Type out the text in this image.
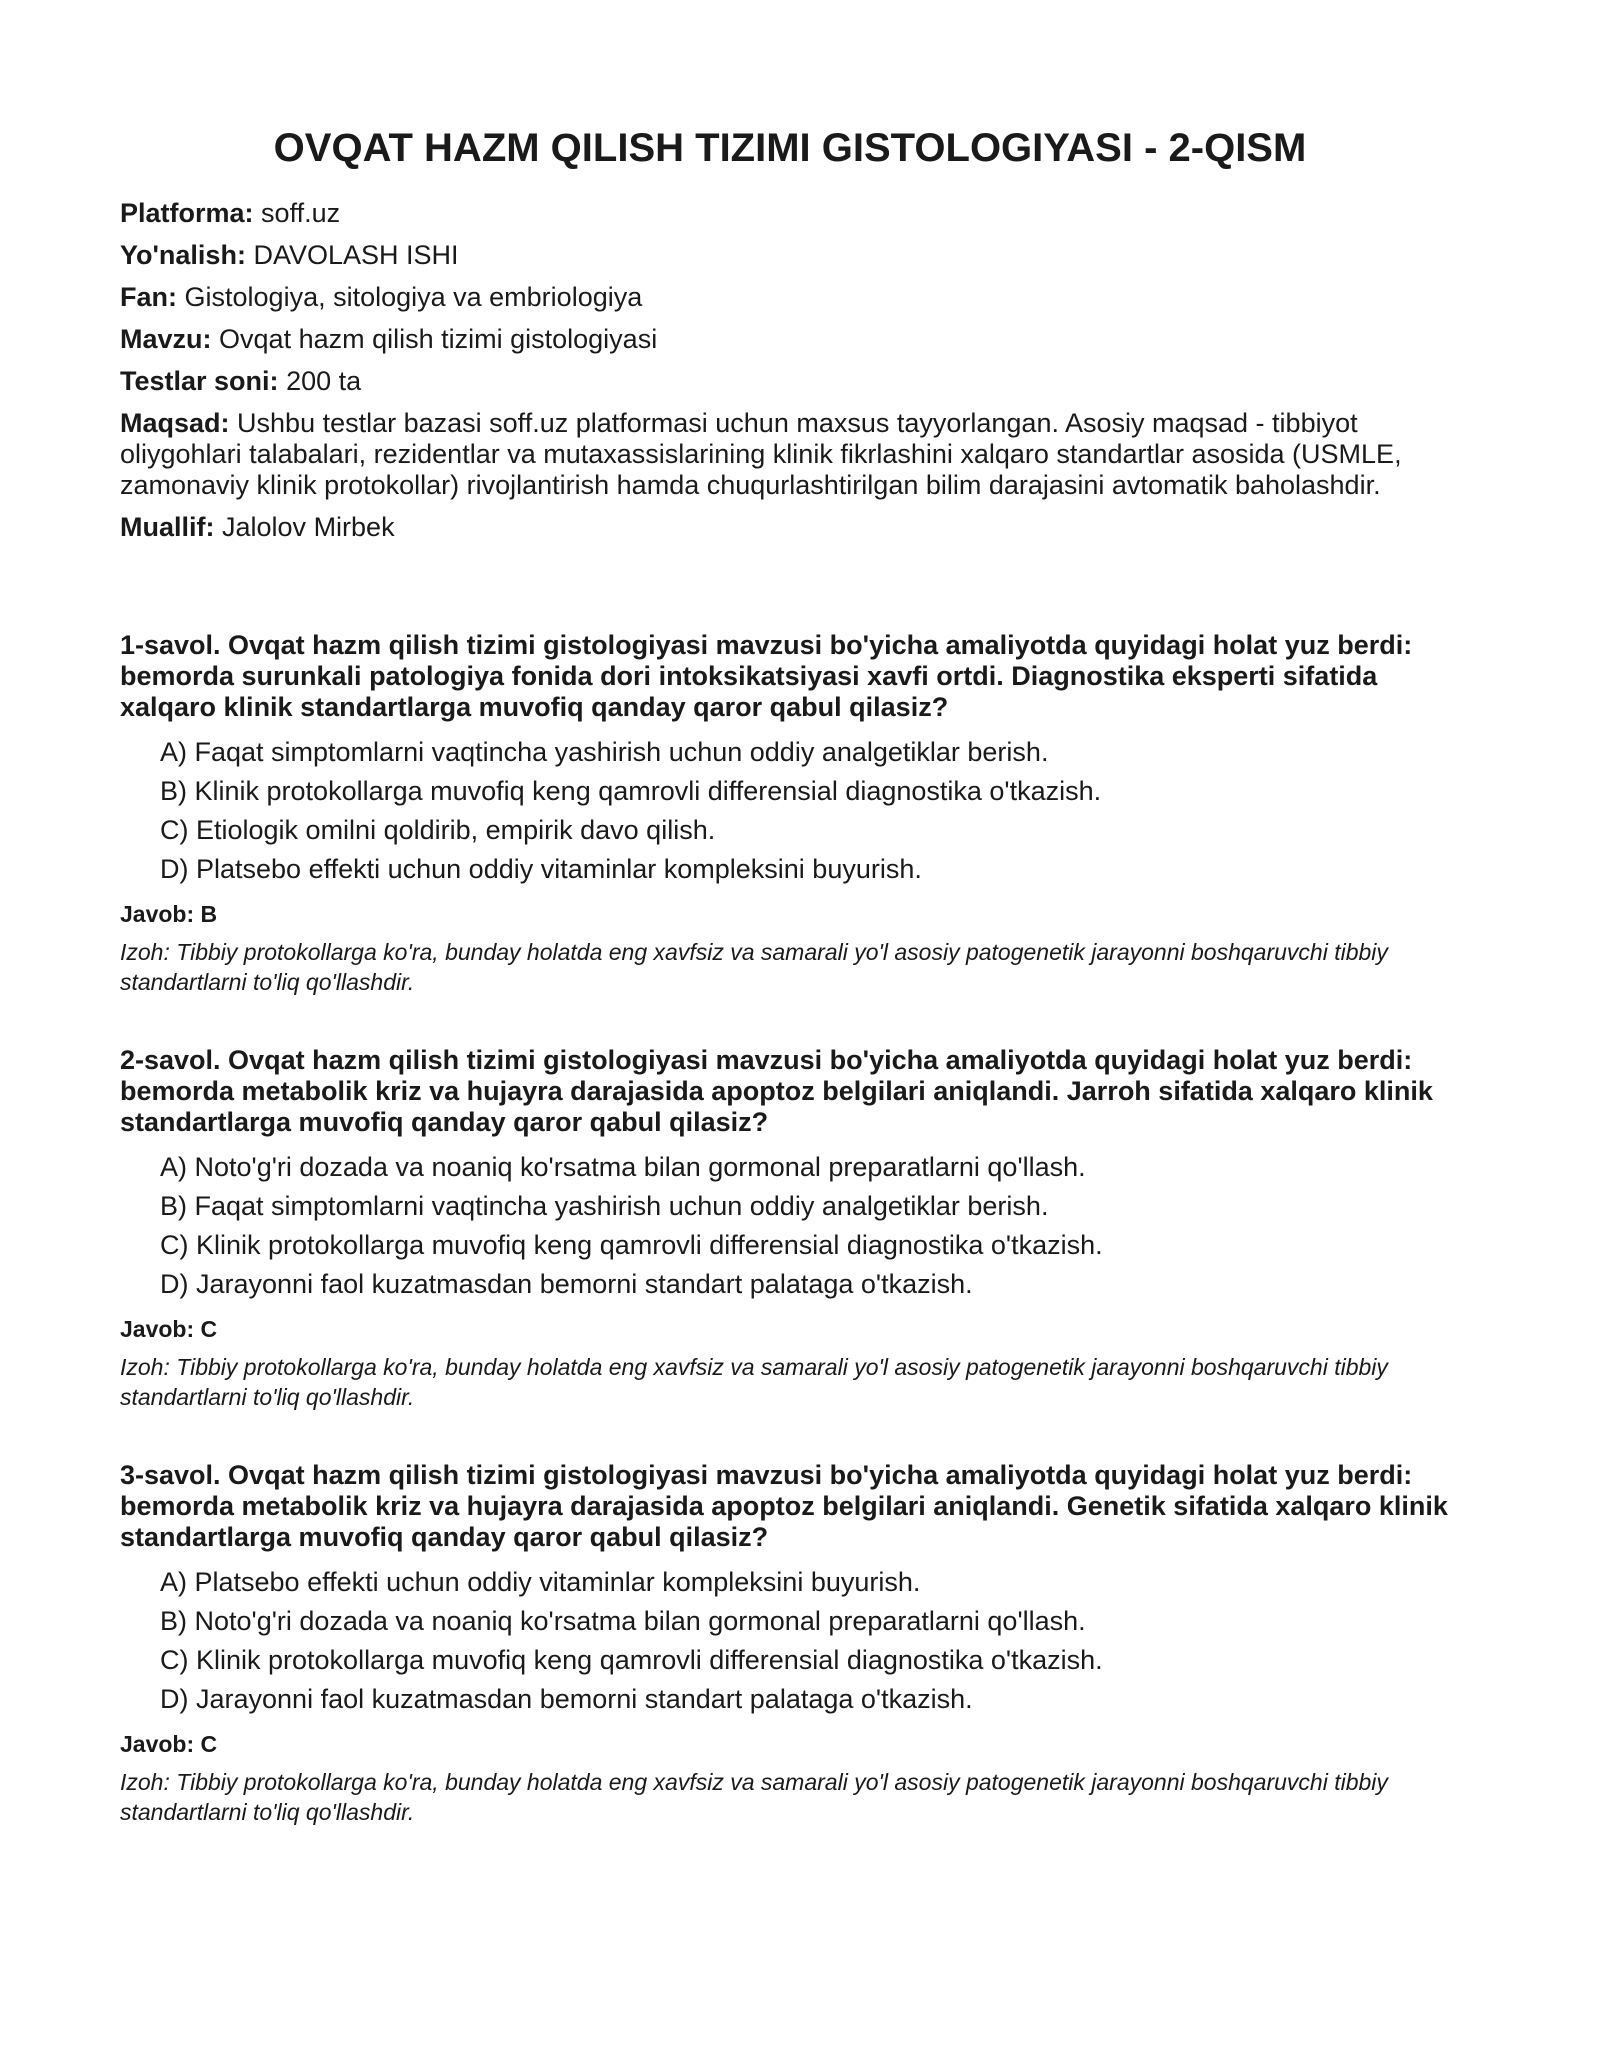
OVQAT HAZM QILISH TIZIMI GISTOLOGIYASI - 2-QISM
Platforma: soff.uz
Yo'nalish: DAVOLASH ISHI
Fan: Gistologiya, sitologiya va embriologiya
Mavzu: Ovqat hazm qilish tizimi gistologiyasi
Testlar soni: 200 ta
Maqsad: Ushbu testlar bazasi soff.uz platformasi uchun maxsus tayyorlangan. Asosiy maqsad - tibbiyot oliygohlari talabalari, rezidentlar va mutaxassislarining klinik fikrlashini xalqaro standartlar asosida (USMLE, zamonaviy klinik protokollar) rivojlantirish hamda chuqurlashtirilgan bilim darajasini avtomatik baholashdir.
Muallif: Jalolov Mirbek
1-savol. Ovqat hazm qilish tizimi gistologiyasi mavzusi bo'yicha amaliyotda quyidagi holat yuz berdi: bemorda surunkali patologiya fonida dori intoksikatsiyasi xavfi ortdi. Diagnostika eksperti sifatida xalqaro klinik standartlarga muvofiq qanday qaror qabul qilasiz?
A) Faqat simptomlarni vaqtincha yashirish uchun oddiy analgetiklar berish.
B) Klinik protokollarga muvofiq keng qamrovli differensial diagnostika o'tkazish.
C) Etiologik omilni qoldirib, empirik davo qilish.
D) Platsebo effekti uchun oddiy vitaminlar kompleksini buyurish.
Javob: B
Izoh: Tibbiy protokollarga ko'ra, bunday holatda eng xavfsiz va samarali yo'l asosiy patogenetik jarayonni boshqaruvchi tibbiy standartlarni to'liq qo'llashdir.
2-savol. Ovqat hazm qilish tizimi gistologiyasi mavzusi bo'yicha amaliyotda quyidagi holat yuz berdi: bemorda metabolik kriz va hujayra darajasida apoptoz belgilari aniqlandi. Jarroh sifatida xalqaro klinik standartlarga muvofiq qanday qaror qabul qilasiz?
A) Noto'g'ri dozada va noaniq ko'rsatma bilan gormonal preparatlarni qo'llash.
B) Faqat simptomlarni vaqtincha yashirish uchun oddiy analgetiklar berish.
C) Klinik protokollarga muvofiq keng qamrovli differensial diagnostika o'tkazish.
D) Jarayonni faol kuzatmasdan bemorni standart palataga o'tkazish.
Javob: C
Izoh: Tibbiy protokollarga ko'ra, bunday holatda eng xavfsiz va samarali yo'l asosiy patogenetik jarayonni boshqaruvchi tibbiy standartlarni to'liq qo'llashdir.
3-savol. Ovqat hazm qilish tizimi gistologiyasi mavzusi bo'yicha amaliyotda quyidagi holat yuz berdi: bemorda metabolik kriz va hujayra darajasida apoptoz belgilari aniqlandi. Genetik sifatida xalqaro klinik standartlarga muvofiq qanday qaror qabul qilasiz?
A) Platsebo effekti uchun oddiy vitaminlar kompleksini buyurish.
B) Noto'g'ri dozada va noaniq ko'rsatma bilan gormonal preparatlarni qo'llash.
C) Klinik protokollarga muvofiq keng qamrovli differensial diagnostika o'tkazish.
D) Jarayonni faol kuzatmasdan bemorni standart palataga o'tkazish.
Javob: C
Izoh: Tibbiy protokollarga ko'ra, bunday holatda eng xavfsiz va samarali yo'l asosiy patogenetik jarayonni boshqaruvchi tibbiy standartlarni to'liq qo'llashdir.
